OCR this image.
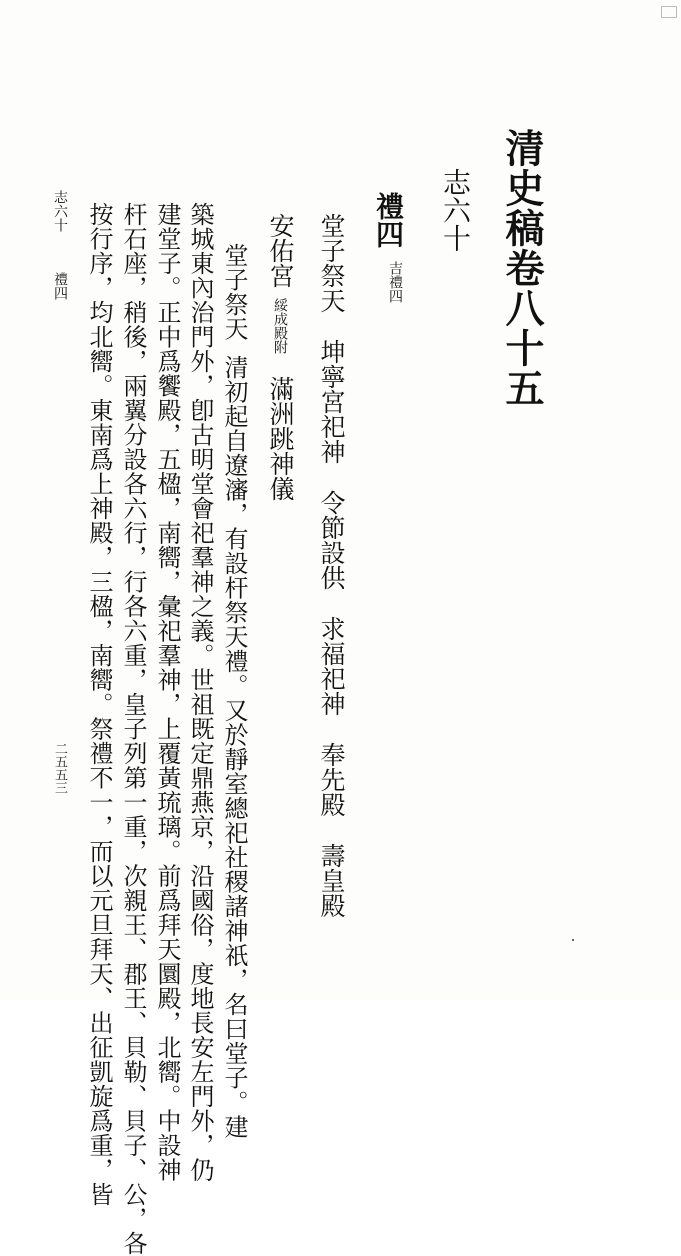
清史稿卷八十五
志六十
禮四
吉禮四
堂子祭天坤寧宮祀神令節設供求福祀神奉先殿壽皇殿
安佑宮綏成殿附滿洲跳神儀
堂子祭天清初起自遼瀋，有設杆祭天禮。又於靜室總祀社稷諸神祇，名曰堂子。建
築城東內治門外，卽古明堂會祀羣神之義。世祖既定鼎燕京，沿國俗，度地長安左門外，仍
建堂子。正中爲饗殿，五楹，南嚮，彙祀羣神，上覆黃琉璃。前爲拜天圜殿，北嚮。中設神
杆石座，稍後，兩翼分設各六行，行各六重，皇子列第一重，次親王、郡王、貝勒、貝子、公，各
按行序，均北嚮。東南爲上神殿，三楹，南嚮。祭禮不一，而以元旦拜天、出征凱旋爲重，皆
志六十禮四
二五五三
